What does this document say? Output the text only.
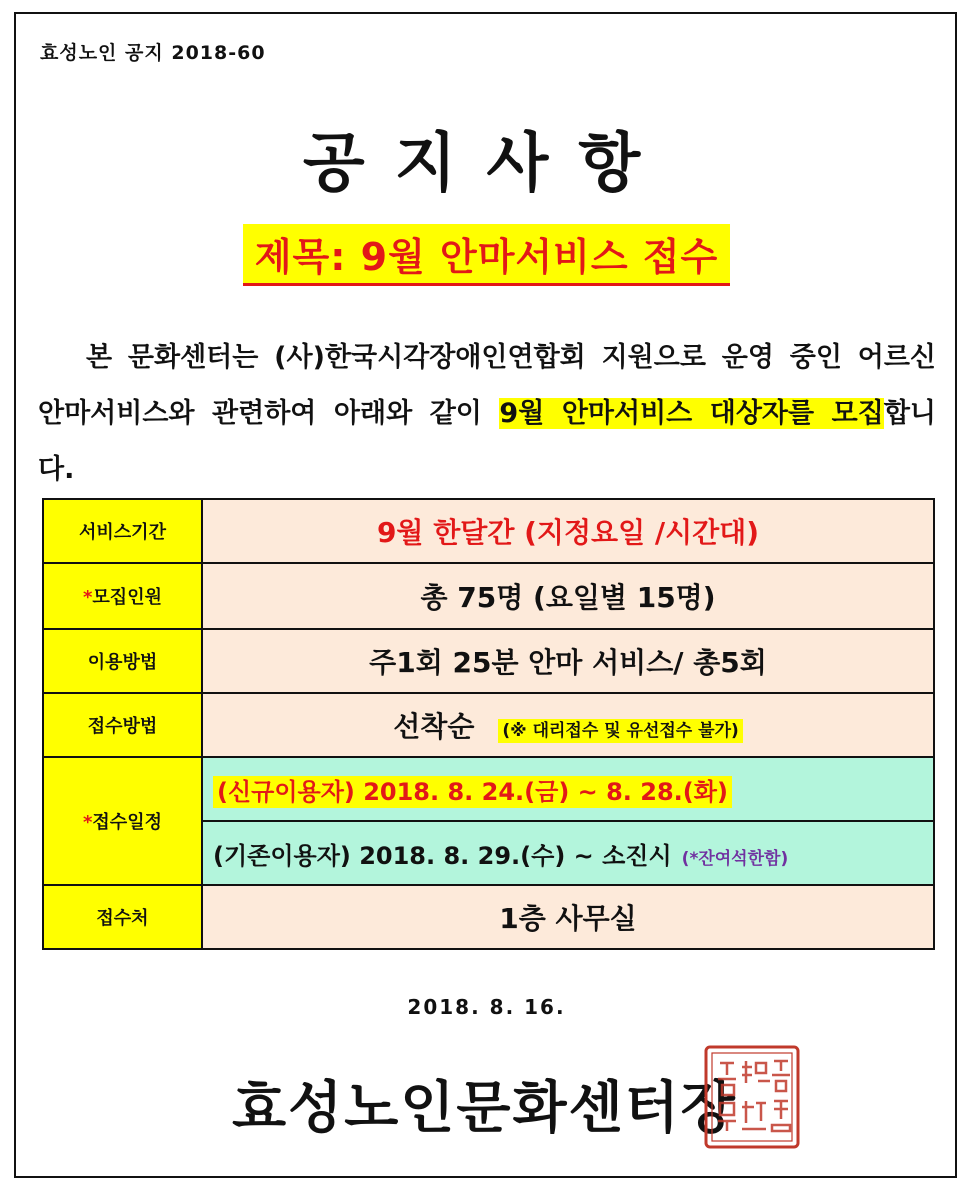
효성노인 공지 2018-60
공지사항
제목: 9월 안마서비스 접수
본 문화센터는 (사)한국시각장애인연합회 지원으로 운영 중인 어르신 안마서비스와 관련하여 아래와 같이 9월 안마서비스 대상자를 모집합니다.
서비스기간	9월 한달간 (지정요일 /시간대)
*모집인원	총 75명 (요일별 15명)
이용방법	주1회 25분 안마 서비스/ 총5회
접수방법	선착순 (※ 대리접수 및 유선접수 불가)
*접수일정	(신규이용자) 2018. 8. 24.(금) ~ 8. 28.(화)
	(기존이용자) 2018. 8. 29.(수) ~ 소진시 (*잔여석한함)
접수처	1층 사무실
2018. 8. 16.
효성노인문화센터장
